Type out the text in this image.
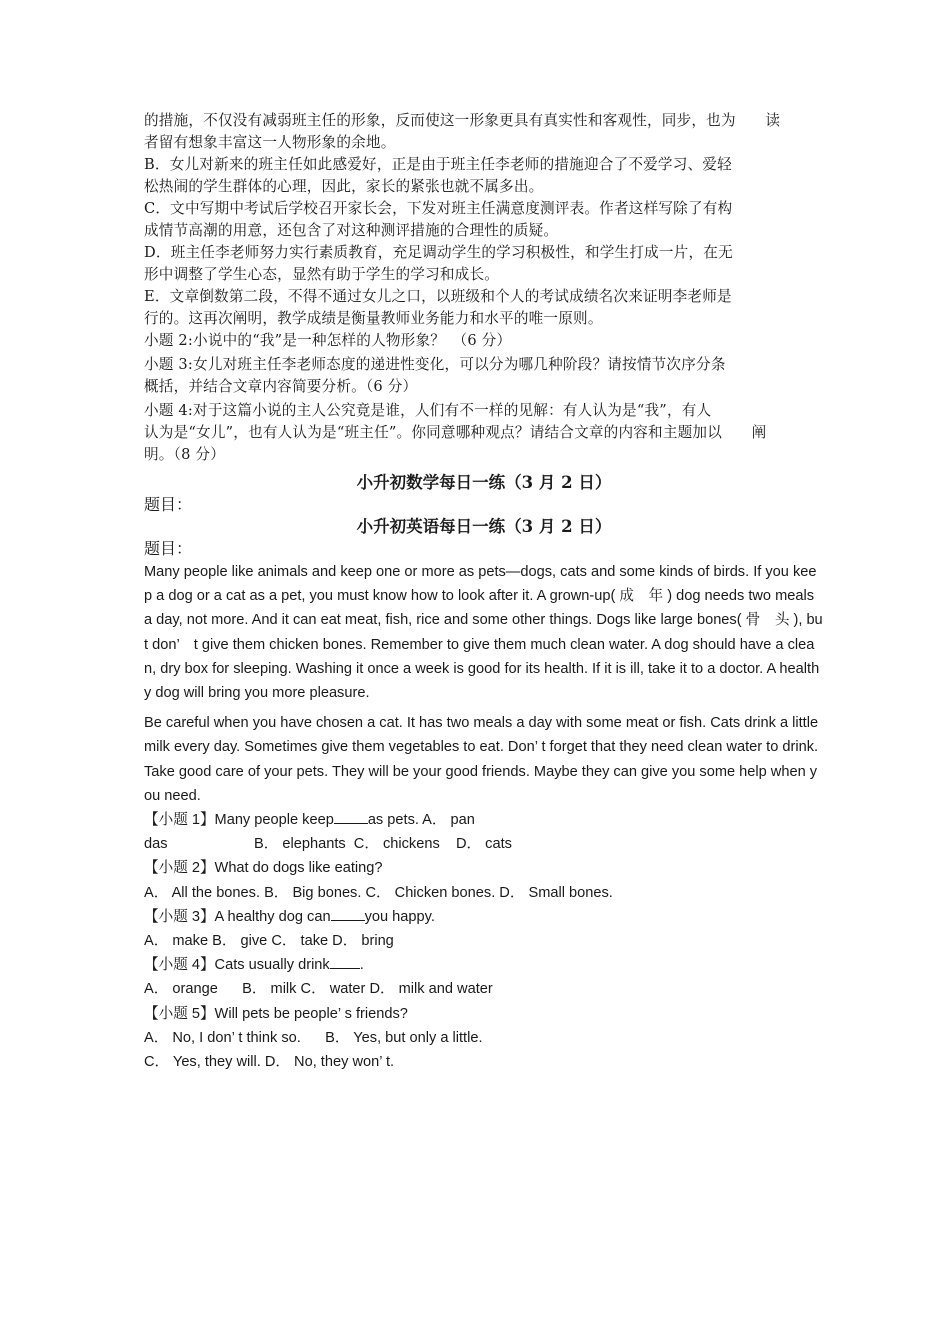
的措施，不仅没有减弱班主任的形象，反而使这一形象更具有真实性和客观性，同步，也为　　读

者留有想象丰富这一人物形象的余地。

B．女儿对新来的班主任如此感爱好，正是由于班主任李老师的措施迎合了不爱学习、爱轻

松热闹的学生群体的心理，因此，家长的紧张也就不属多出。

C．文中写期中考试后学校召开家长会，下发对班主任满意度测评表。作者这样写除了有构

成情节高潮的用意，还包含了对这种测评措施的合理性的质疑。

D．班主任李老师努力实行素质教育，充足调动学生的学习积极性，和学生打成一片，在无

形中调整了学生心态，显然有助于学生的学习和成长。

E．文章倒数第二段，不得不通过女儿之口，以班级和个人的考试成绩名次来证明李老师是

行的。这再次阐明，教学成绩是衡量教师业务能力和水平的唯一原则。

小题 2:小说中的“我”是一种怎样的人物形象？　（6 分）

小题 3:女儿对班主任李老师态度的递进性变化，可以分为哪几种阶段？请按情节次序分条

概括，并结合文章内容简要分析。（6 分）

小题 4:对于这篇小说的主人公究竟是谁，人们有不一样的见解：有人认为是“我”，有人

认为是“女儿”，也有人认为是“班主任”。你同意哪种观点？请结合文章的内容和主题加以　　阐

明。（8 分）

小升初数学每日一练（3 月 2 日）

题目：

小升初英语每日一练（3 月 2 日）

题目：

Many people like animals and keep one or more as pets—dogs, cats and some kinds of birds. If you keep a dog or a cat as a pet, you must know how to look after it. A grown-up( 成　年 ) dog needs two meals a day, not more. And it can eat meat, fish, rice and some other things. Dogs like large bones( 骨　头 ), but don’　t give them chicken bones. Remember to give them much clean water. A dog should have a clean, dry box for sleeping. Washing it once a week is good for its health. If it is ill, take it to a doctor. A healthy dog will bring you more pleasure.

Be careful when you have chosen a cat. It has two meals a day with some meat or fish. Cats drink a little milk every day. Sometimes give them vegetables to eat. Don’ t forget that they need clean water to drink.

Take good care of your pets. They will be your good friends. Maybe they can give you some help when you need.

【小题 1】Many people keep as pets. A． pan

das	B． elephants  C． chickens    D． cats

【小题 2】What do dogs like eating?

A． All the bones. B． Big bones. C． Chicken bones. D． Small bones.

【小题 3】A healthy dog can you happy.

A． make B． give C． take D． bring

【小题 4】Cats usually drink .

A． orange      B． milk C． water D． milk and water

【小题 5】Will pets be people’ s friends?

A． No, I don’ t think so.      B． Yes, but only a little.

C． Yes, they will. D． No, they won’ t.
